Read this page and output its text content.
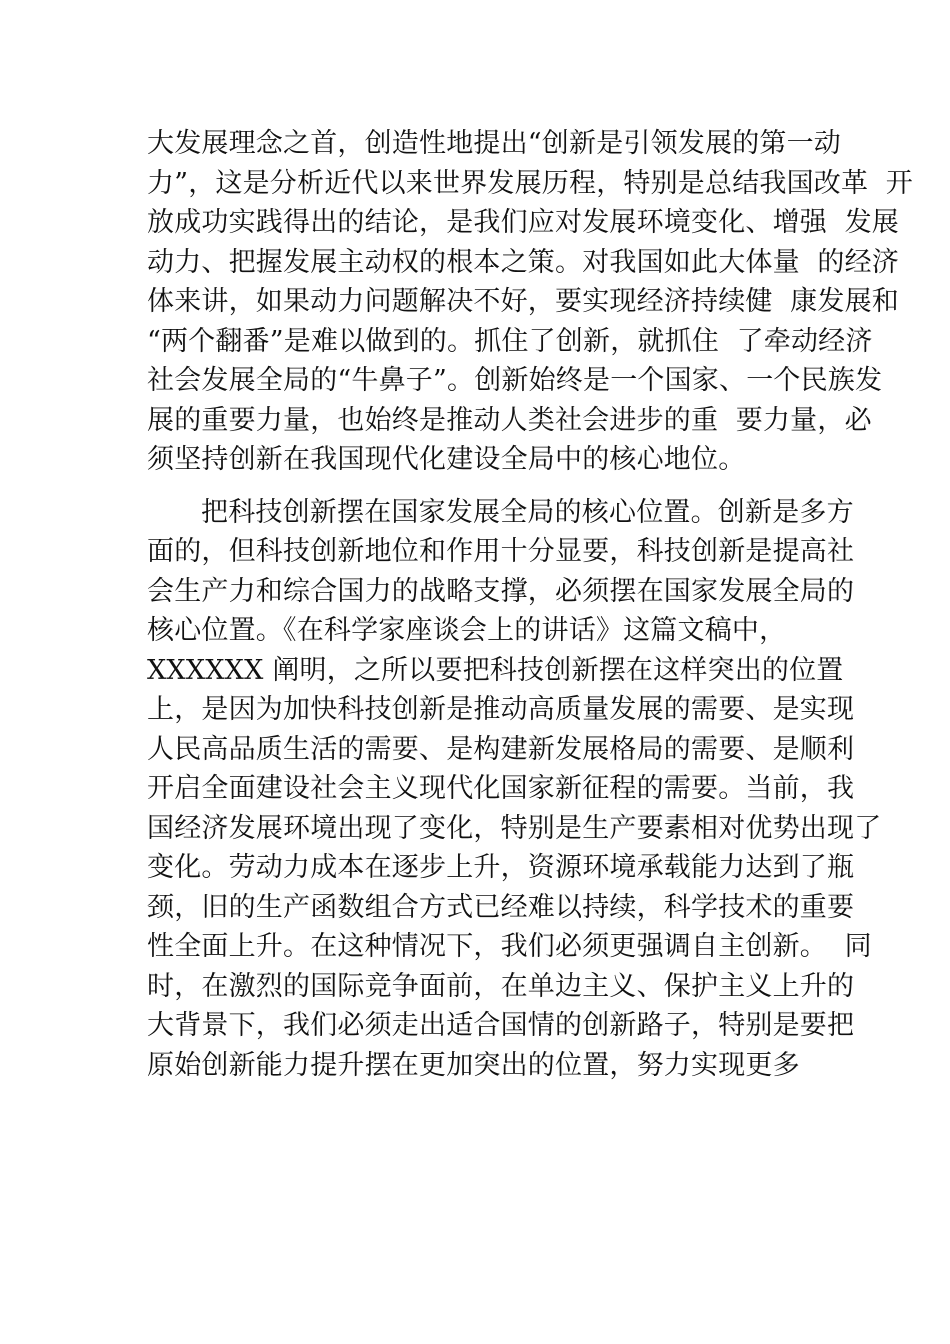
大发展理念之首，创造性地提出“创新是引领发展的第一动
力”，这是分析近代以来世界发展历程，特别是总结我国改革  开
放成功实践得出的结论，是我们应对发展环境变化、增强  发展
动力、把握发展主动权的根本之策。对我国如此大体量  的经济
体来讲，如果动力问题解决不好，要实现经济持续健  康发展和
“两个翻番”是难以做到的。抓住了创新，就抓住  了牵动经济
社会发展全局的“牛鼻子”。创新始终是一个国家、一个民族发
展的重要力量，也始终是推动人类社会进步的重  要力量，必
须坚持创新在我国现代化建设全局中的核心地位。
把科技创新摆在国家发展全局的核心位置。创新是多方
面的，但科技创新地位和作用十分显要，科技创新是提高社
会生产力和综合国力的战略支撑，必须摆在国家发展全局的
核心位置。《在科学家座谈会上的讲话》这篇文稿中，
XXXXXX 阐明，之所以要把科技创新摆在这样突出的位置
上，是因为加快科技创新是推动高质量发展的需要、是实现
人民高品质生活的需要、是构建新发展格局的需要、是顺利
开启全面建设社会主义现代化国家新征程的需要。当前，我
国经济发展环境出现了变化，特别是生产要素相对优势出现了
变化。劳动力成本在逐步上升，资源环境承载能力达到了瓶
颈，旧的生产函数组合方式已经难以持续，科学技术的重要
性全面上升。在这种情况下，我们必须更强调自主创新。  同
时，在激烈的国际竞争面前，在单边主义、保护主义上升的
大背景下，我们必须走出适合国情的创新路子，特别是要把
原始创新能力提升摆在更加突出的位置，努力实现更多
